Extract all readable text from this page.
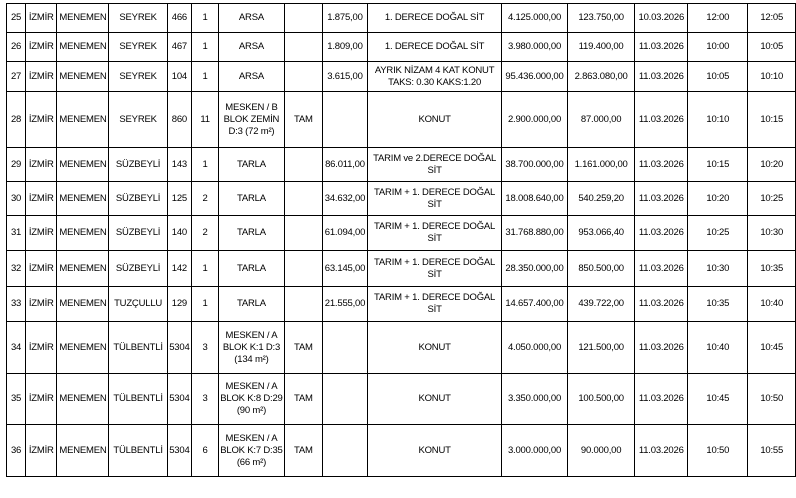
25	İZMİR	MENEMEN	SEYREK	466	1	ARSA		1.875,00	1. DERECE DOĞAL SİT	4.125.000,00	123.750,00	10.03.2026	12:00	12:05
26	İZMİR	MENEMEN	SEYREK	467	1	ARSA		1.809,00	1. DERECE DOĞAL SİT	3.980.000,00	119.400,00	11.03.2026	10:00	10:05
27	İZMİR	MENEMEN	SEYREK	104	1	ARSA		3.615,00	AYRIK NİZAM 4 KAT KONUT
TAKS: 0.30 KAKS:1.20	95.436.000,00	2.863.080,00	11.03.2026	10:05	10:10
28	İZMİR	MENEMEN	SEYREK	860	11	MESKEN / B
BLOK ZEMİN
D:3 (72 m²)	TAM		KONUT	2.900.000,00	87.000,00	11.03.2026	10:10	10:15
29	İZMİR	MENEMEN	SÜZBEYLİ	143	1	TARLA		86.011,00	TARIM ve 2.DERECE DOĞAL
SİT	38.700.000,00	1.161.000,00	11.03.2026	10:15	10:20
30	İZMİR	MENEMEN	SÜZBEYLİ	125	2	TARLA		34.632,00	TARIM + 1. DERECE DOĞAL
SİT	18.008.640,00	540.259,20	11.03.2026	10:20	10:25
31	İZMİR	MENEMEN	SÜZBEYLİ	140	2	TARLA		61.094,00	TARIM + 1. DERECE DOĞAL
SİT	31.768.880,00	953.066,40	11.03.2026	10:25	10:30
32	İZMİR	MENEMEN	SÜZBEYLİ	142	1	TARLA		63.145,00	TARIM + 1. DERECE DOĞAL
SİT	28.350.000,00	850.500,00	11.03.2026	10:30	10:35
33	İZMİR	MENEMEN	TUZÇULLU	129	1	TARLA		21.555,00	TARIM + 1. DERECE DOĞAL
SİT	14.657.400,00	439.722,00	11.03.2026	10:35	10:40
34	İZMİR	MENEMEN	TÜLBENTLİ	5304	3	MESKEN / A
BLOK K:1 D:3
(134 m²)	TAM		KONUT	4.050.000,00	121.500,00	11.03.2026	10:40	10:45
35	İZMİR	MENEMEN	TÜLBENTLİ	5304	3	MESKEN / A
BLOK K:8 D:29
(90 m²)	TAM		KONUT	3.350.000,00	100.500,00	11.03.2026	10:45	10:50
36	İZMİR	MENEMEN	TÜLBENTLİ	5304	6	MESKEN / A
BLOK K:7 D:35
(66 m²)	TAM		KONUT	3.000.000,00	90.000,00	11.03.2026	10:50	10:55
